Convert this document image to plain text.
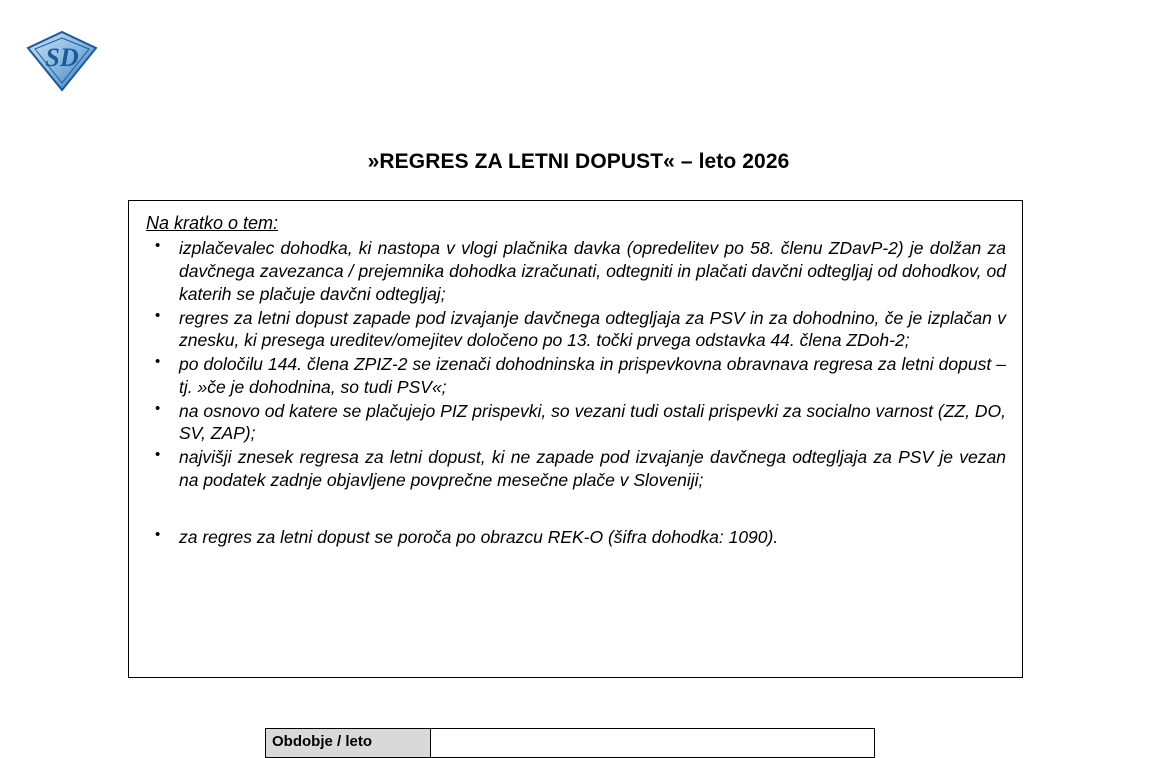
SD
»REGRES ZA LETNI DOPUST« – leto 2026
Na kratko o tem:
• izplačevalec dohodka, ki nastopa v vlogi plačnika davka (opredelitev po 58. členu ZDavP-2) je dolžan za davčnega zavezanca / prejemnika dohodka izračunati, odtegniti in plačati davčni odtegljaj od dohodkov, od katerih se plačuje davčni odtegljaj;
• regres za letni dopust zapade pod izvajanje davčnega odtegljaja za PSV in za dohodnino, če je izplačan v znesku, ki presega ureditev/omejitev določeno po 13. točki prvega odstavka 44. člena ZDoh-2;
• po določilu 144. člena ZPIZ-2 se izenači dohodninska in prispevkovna obravnava regresa za letni dopust – tj. »če je dohodnina, so tudi PSV«;
• na osnovo od katere se plačujejo PIZ prispevki, so vezani tudi ostali prispevki za socialno varnost (ZZ, DO, SV, ZAP);
• najvišji znesek regresa za letni dopust, ki ne zapade pod izvajanje davčnega odtegljaja za PSV je vezan na podatek zadnje objavljene povprečne mesečne plače v Sloveniji;
• za regres za letni dopust se poroča po obrazcu REK-O (šifra dohodka: 1090).
Obdobje / leto
